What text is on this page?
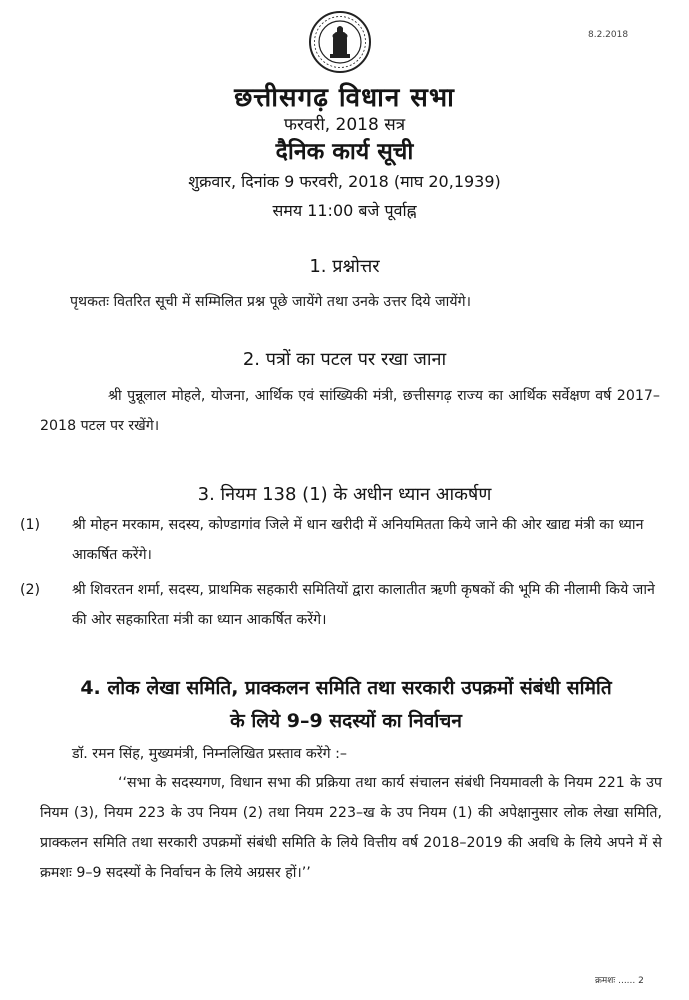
8.2.2018
छत्तीसगढ़ विधान सभा
फरवरी, 2018 सत्र
दैनिक कार्य सूची
शुक्रवार, दिनांक 9 फरवरी, 2018 (माघ 20,1939)
समय 11:00 बजे पूर्वाह्न
1. प्रश्नोत्तर
पृथकतः वितरित सूची में सम्मिलित प्रश्न पूछे जायेंगे तथा उनके उत्तर दिये जायेंगे।
2. पत्रों का पटल पर रखा जाना
श्री पुन्नूलाल मोहले, योजना, आर्थिक एवं सांख्यिकी मंत्री, छत्तीसगढ़ राज्य का आर्थिक सर्वेक्षण वर्ष 2017–2018 पटल पर रखेंगे।
3. नियम 138 (1) के अधीन ध्यान आकर्षण
(1) श्री मोहन मरकाम, सदस्य, कोण्डागांव जिले में धान खरीदी में अनियमितता किये जाने की ओर खाद्य मंत्री का ध्यान आकर्षित करेंगे।
(2) श्री शिवरतन शर्मा, सदस्य, प्राथमिक सहकारी समितियों द्वारा कालातीत ऋणी कृषकों की भूमि की नीलामी किये जाने की ओर सहकारिता मंत्री का ध्यान आकर्षित करेंगे।
4. लोक लेखा समिति, प्राक्कलन समिति तथा सरकारी उपक्रमों संबंधी समिति
के लिये 9–9 सदस्यों का निर्वाचन
डॉ. रमन सिंह, मुख्यमंत्री, निम्नलिखित प्रस्ताव करेंगे :–
‘‘सभा के सदस्यगण, विधान सभा की प्रक्रिया तथा कार्य संचालन संबंधी नियमावली के नियम 221 के उप नियम (3), नियम 223 के उप नियम (2) तथा नियम 223–ख के उप नियम (1) की अपेक्षानुसार लोक लेखा समिति, प्राक्कलन समिति तथा सरकारी उपक्रमों संबंधी समिति के लिये वित्तीय वर्ष 2018–2019 की अवधि के लिये अपने में से क्रमशः 9–9 सदस्यों के निर्वाचन के लिये अग्रसर हों।’’
क्रमशः ...... 2
